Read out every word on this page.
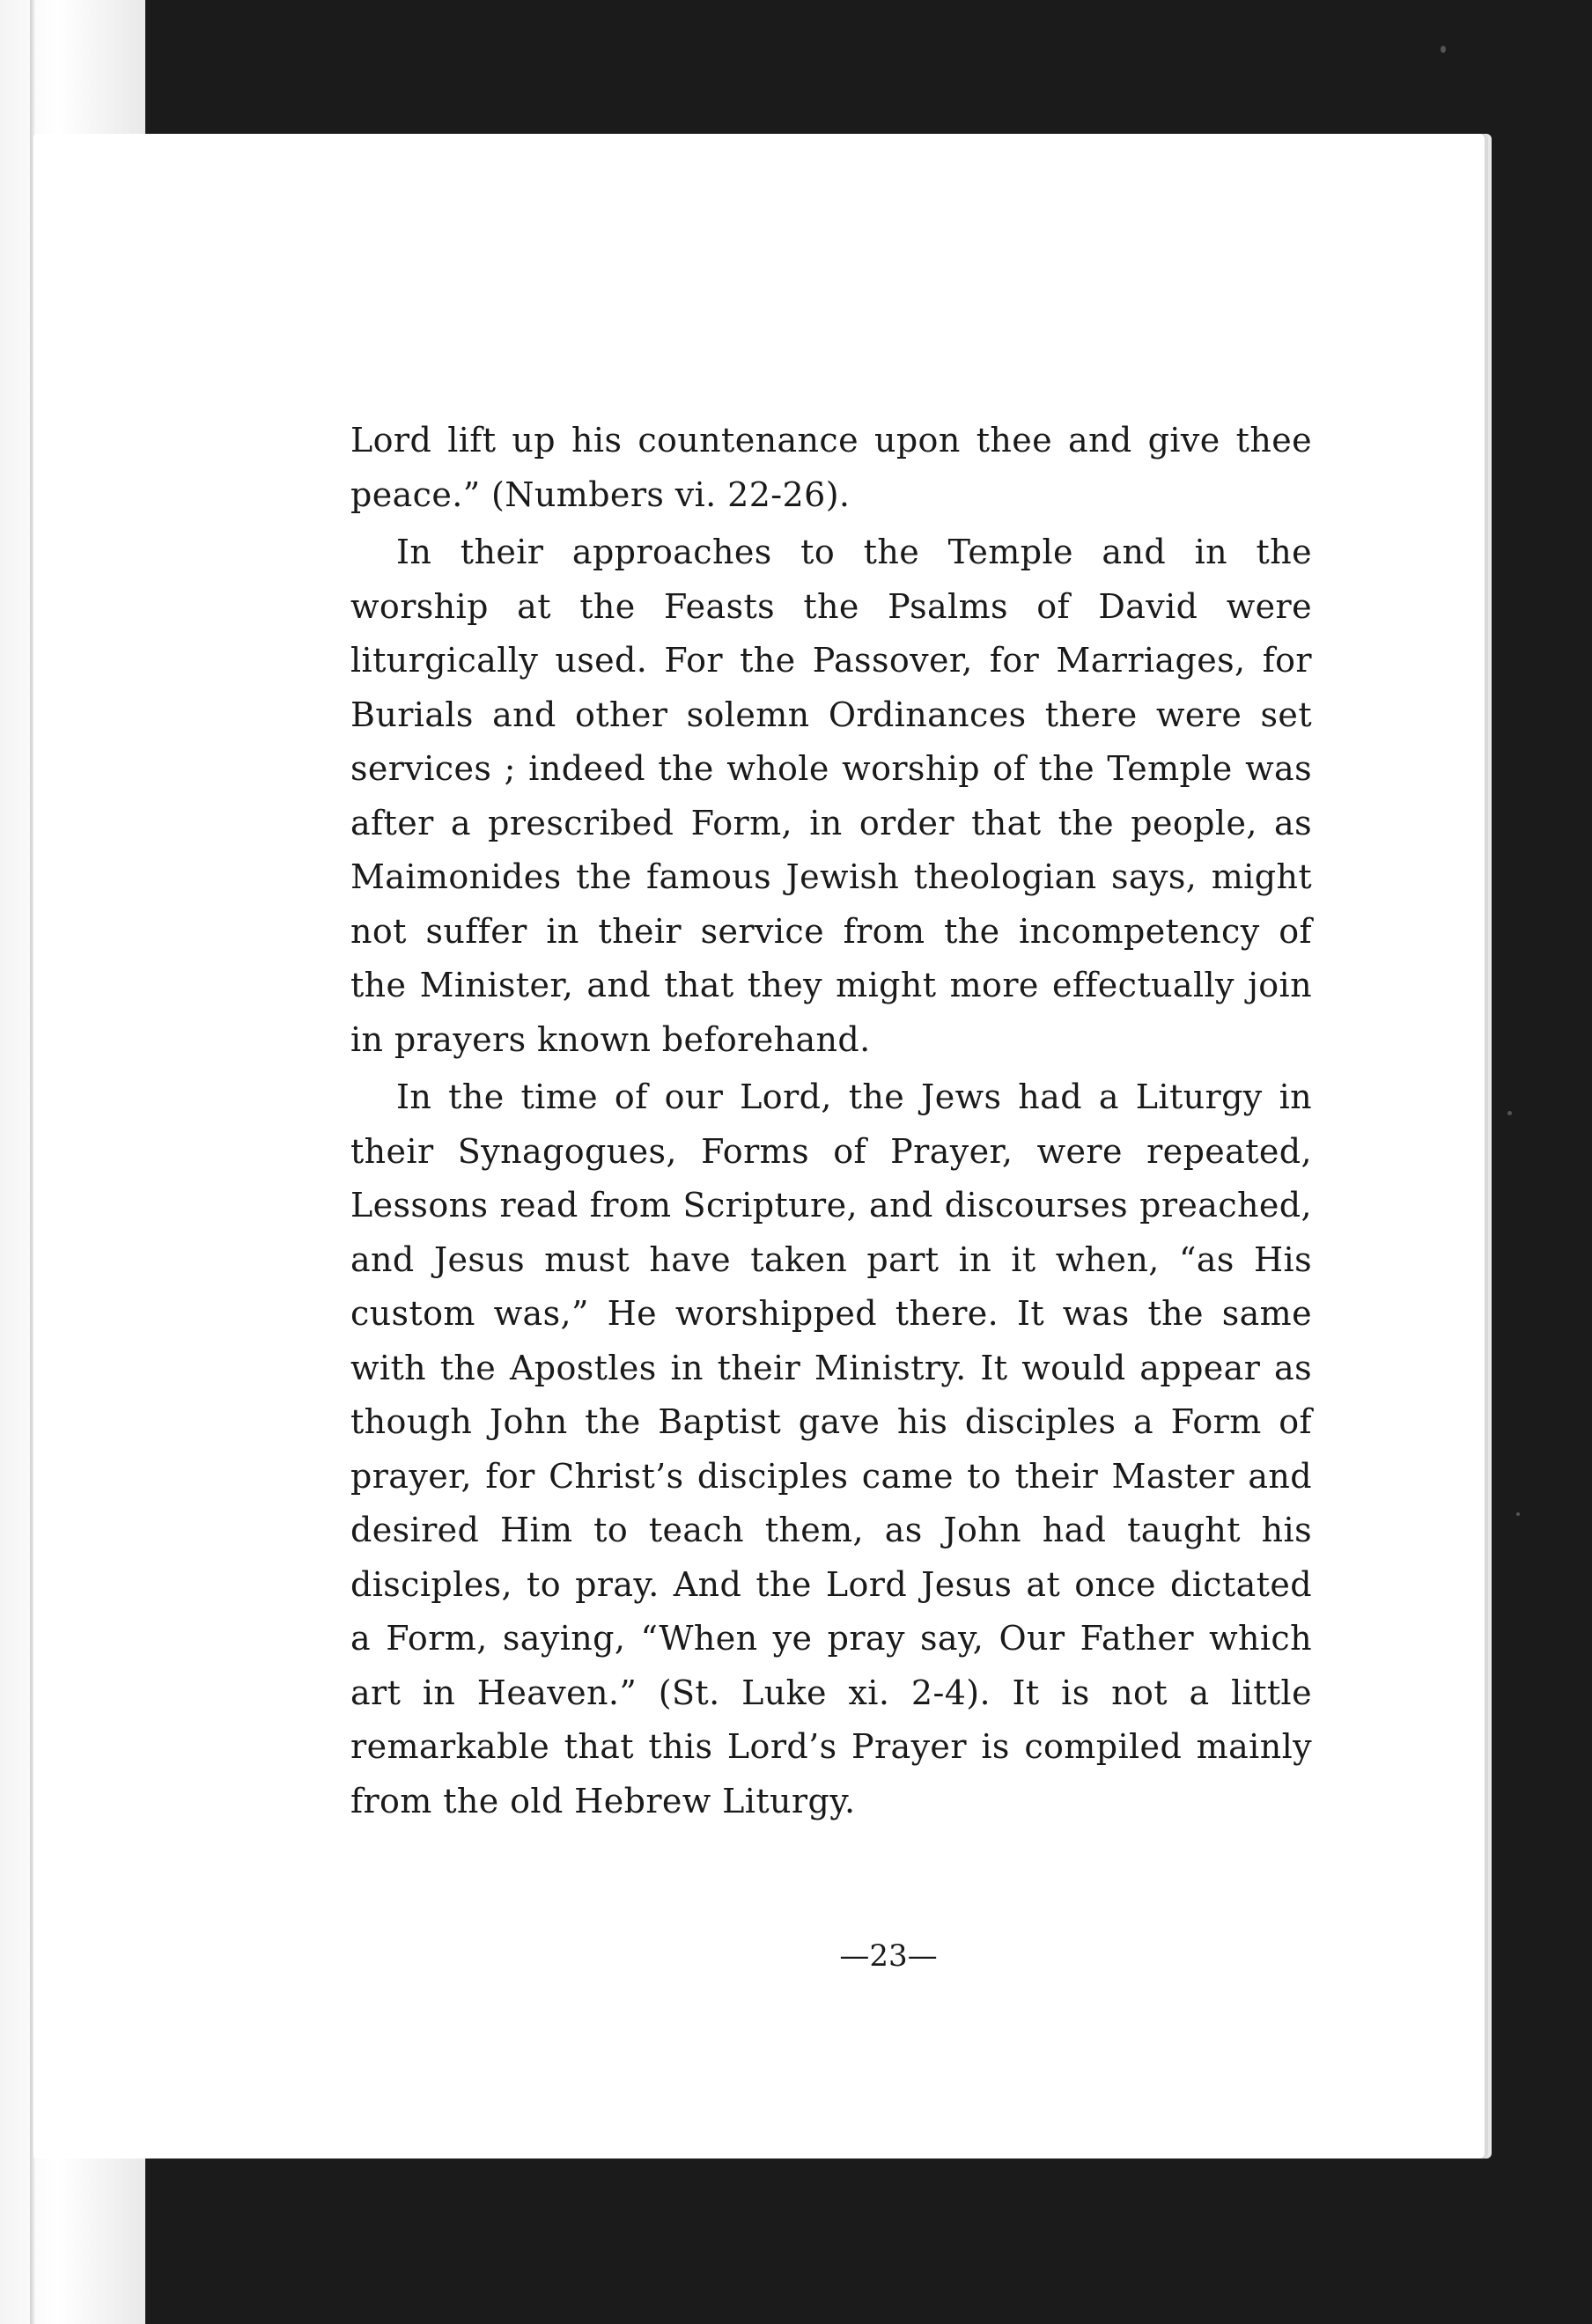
Lord lift up his countenance upon thee and give thee peace.” (Numbers vi. 22-26).

In their approaches to the Temple and in the worship at the Feasts the Psalms of David were liturgically used. For the Passover, for Marriages, for Burials and other solemn Ordinances there were set services ; indeed the whole worship of the Temple was after a prescribed Form, in order that the people, as Maimonides the famous Jewish theologian says, might not suffer in their service from the incompetency of the Minister, and that they might more effectually join in prayers known beforehand.

In the time of our Lord, the Jews had a Liturgy in their Synagogues, Forms of Prayer, were repeated, Lessons read from Scripture, and discourses preached, and Jesus must have taken part in it when, “as His custom was,” He worshipped there. It was the same with the Apostles in their Ministry. It would appear as though John the Baptist gave his disciples a Form of prayer, for Christ’s disciples came to their Master and desired Him to teach them, as John had taught his disciples, to pray. And the Lord Jesus at once dictated a Form, saying, “When ye pray say, Our Father which art in Heaven.” (St. Luke xi. 2-4). It is not a little remarkable that this Lord’s Prayer is compiled mainly from the old Hebrew Liturgy.

—23—
